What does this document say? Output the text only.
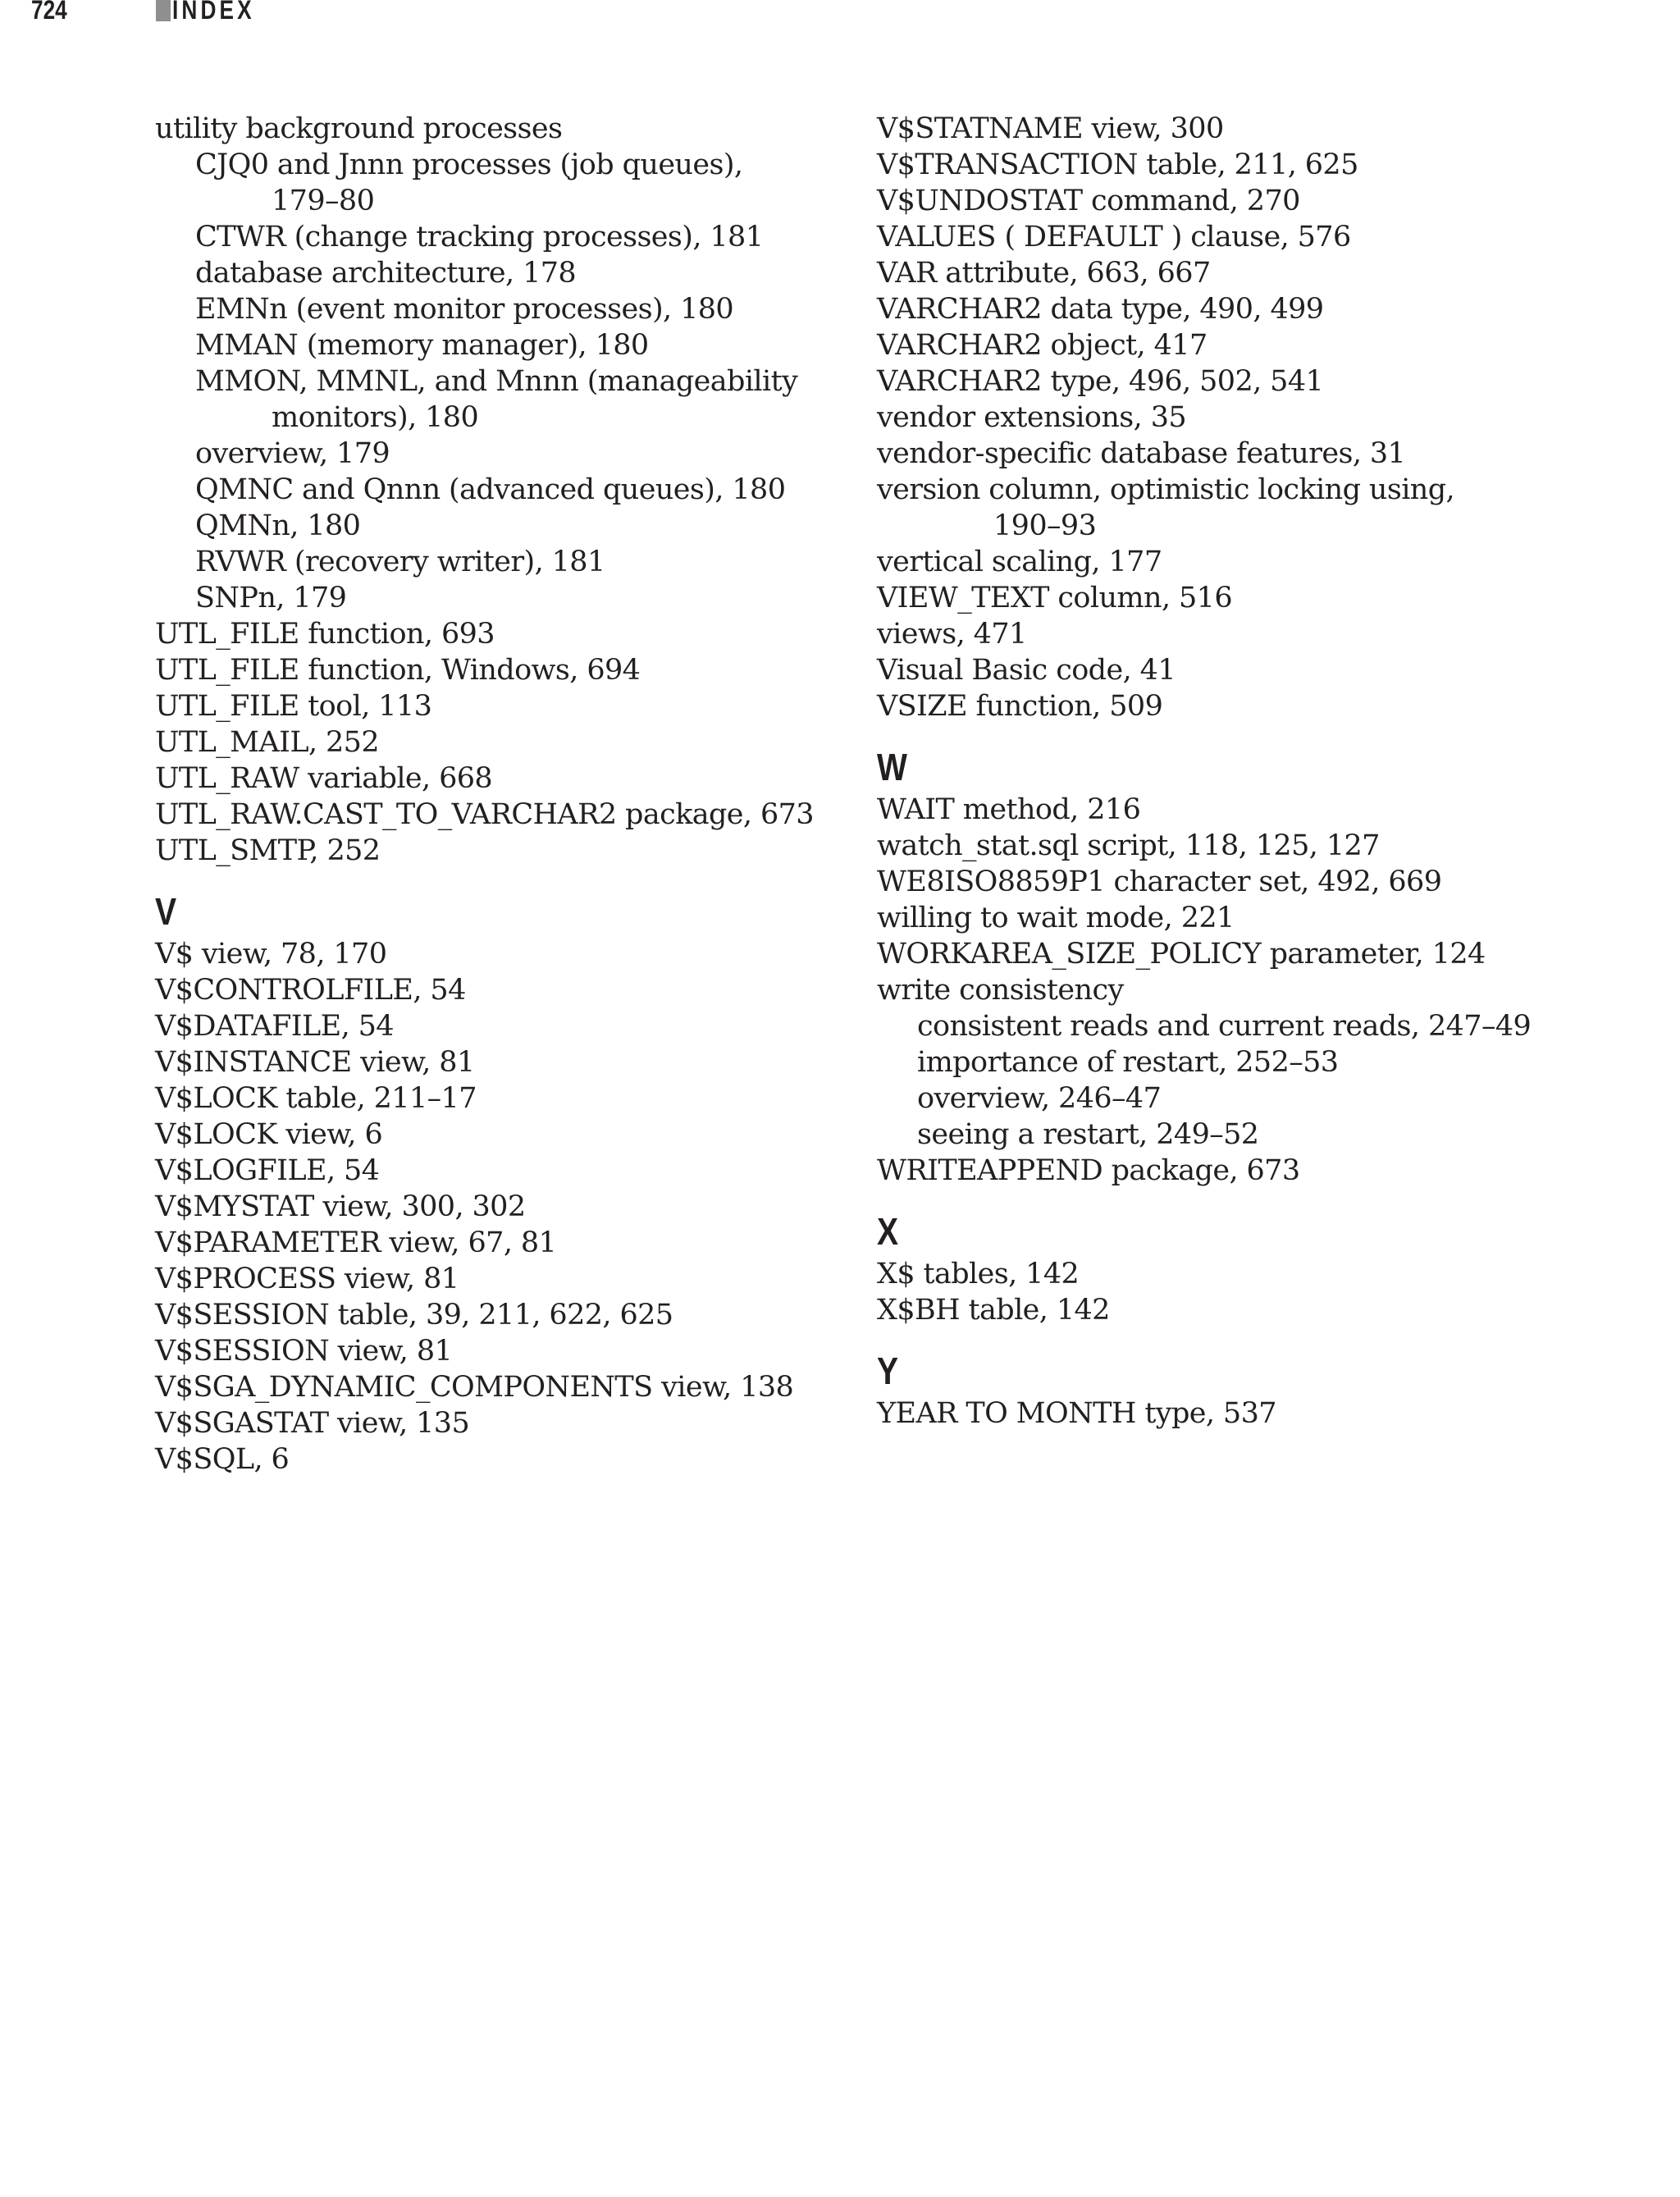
724	INDEX
utility background processes
CJQ0 and Jnnn processes (job queues),
179–80
CTWR (change tracking processes), 181
database architecture, 178
EMNn (event monitor processes), 180
MMAN (memory manager), 180
MMON, MMNL, and Mnnn (manageability
monitors), 180
overview, 179
QMNC and Qnnn (advanced queues), 180
QMNn, 180
RVWR (recovery writer), 181
SNPn, 179
UTL_FILE function, 693
UTL_FILE function, Windows, 694
UTL_FILE tool, 113
UTL_MAIL, 252
UTL_RAW variable, 668
UTL_RAW.CAST_TO_VARCHAR2 package, 673
UTL_SMTP, 252
V
V$ view, 78, 170
V$CONTROLFILE, 54
V$DATAFILE, 54
V$INSTANCE view, 81
V$LOCK table, 211–17
V$LOCK view, 6
V$LOGFILE, 54
V$MYSTAT view, 300, 302
V$PARAMETER view, 67, 81
V$PROCESS view, 81
V$SESSION table, 39, 211, 622, 625
V$SESSION view, 81
V$SGA_DYNAMIC_COMPONENTS view, 138
V$SGASTAT view, 135
V$SQL, 6
V$STATNAME view, 300
V$TRANSACTION table, 211, 625
V$UNDOSTAT command, 270
VALUES ( DEFAULT ) clause, 576
VAR attribute, 663, 667
VARCHAR2 data type, 490, 499
VARCHAR2 object, 417
VARCHAR2 type, 496, 502, 541
vendor extensions, 35
vendor-specific database features, 31
version column, optimistic locking using,
190–93
vertical scaling, 177
VIEW_TEXT column, 516
views, 471
Visual Basic code, 41
VSIZE function, 509
W
WAIT method, 216
watch_stat.sql script, 118, 125, 127
WE8ISO8859P1 character set, 492, 669
willing to wait mode, 221
WORKAREA_SIZE_POLICY parameter, 124
write consistency
consistent reads and current reads, 247–49
importance of restart, 252–53
overview, 246–47
seeing a restart, 249–52
WRITEAPPEND package, 673
X
X$ tables, 142
X$BH table, 142
Y
YEAR TO MONTH type, 537
